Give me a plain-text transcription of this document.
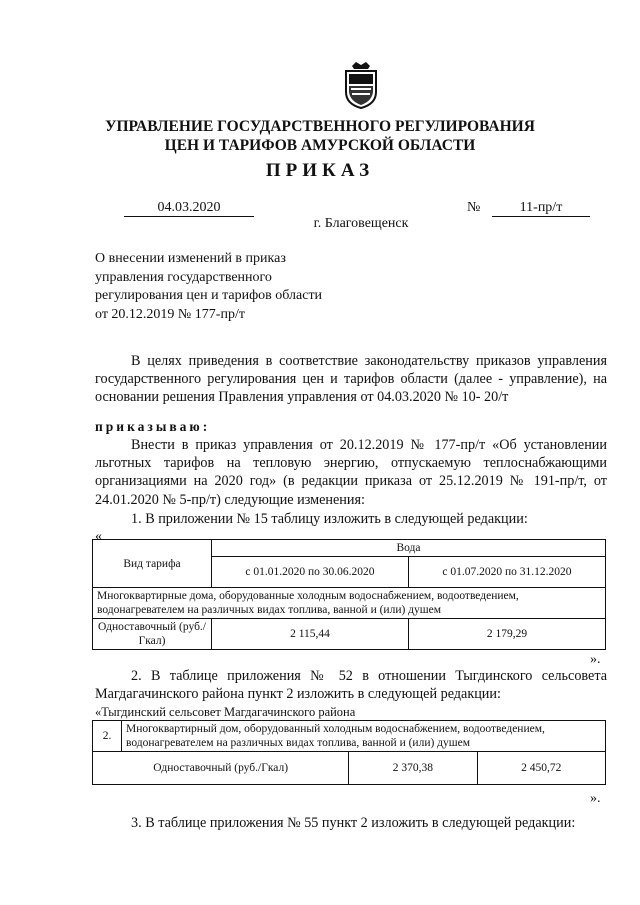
УПРАВЛЕНИЕ ГОСУДАРСТВЕННОГО РЕГУЛИРОВАНИЯ
ЦЕН И ТАРИФОВ АМУРСКОЙ ОБЛАСТИ
ПРИКАЗ
04.03.2020	№	11-пр/т
г. Благовещенск
О внесении изменений в приказ
управления государственного
регулирования цен и тарифов области
от 20.12.2019 № 177-пр/т
В целях приведения в соответствие законодательству приказов управления государственного регулирования цен и тарифов области (далее - управление), на основании решения Правления управления от 04.03.2020 № 10- 20/т
приказываю:
Внести в приказ управления от 20.12.2019 № 177-пр/т «Об установлении льготных тарифов на тепловую энергию, отпускаемую теплоснабжающими организациями на 2020 год» (в редакции приказа от 25.12.2019 № 191-пр/т, от 24.01.2020 № 5-пр/т) следующие изменения:
1. В приложении № 15 таблицу изложить в следующей редакции:
«
Вид тарифа	Вода	
	с 01.01.2020 по 30.06.2020	с 01.07.2020 по 31.12.2020
Многоквартирные дома, оборудованные холодным водоснабжением, водоотведением, водонагревателем на различных видах топлива, ванной и (или) душем		
Одноставочный (руб./Гкал)	2 115,44	2 179,29
».
2. В таблице приложения № 52 в отношении Тыгдинского сельсовета Магдагачинского района пункт 2 изложить в следующей редакции:
«Тыгдинский сельсовет Магдагачинского района
2.	Многоквартирный дом, оборудованный холодным водоснабжением, водоотведением, водонагревателем на различных видах топлива, ванной и (или) душем		
Одноставочный (руб./Гкал)		2 370,38	2 450,72
».
3. В таблице приложения № 55 пункт 2 изложить в следующей редакции:
